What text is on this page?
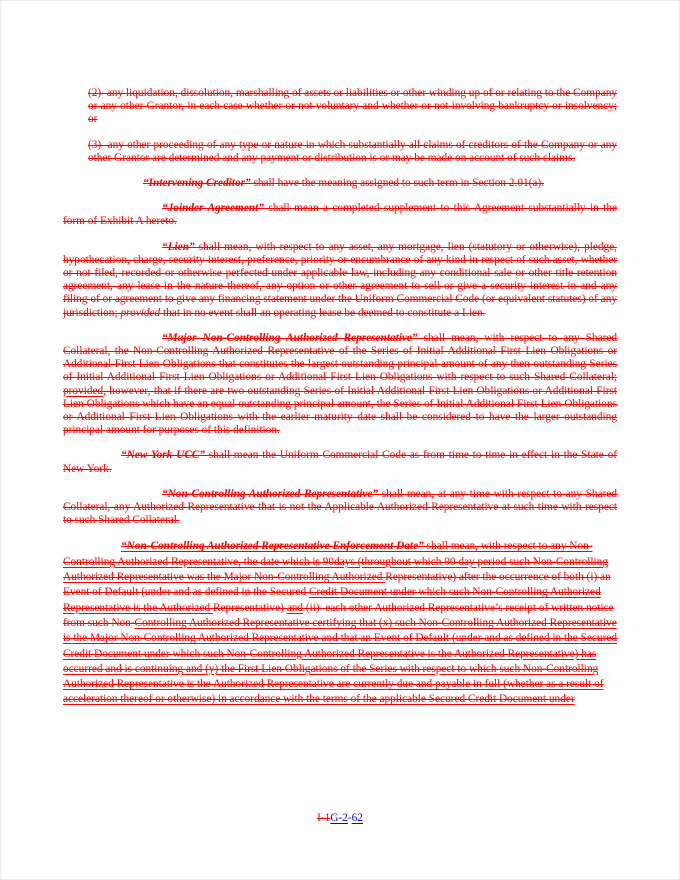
(2)  any liquidation, dissolution, marshalling of assets or liabilities or other winding up of or relating to the Company or any other Grantor, in each case whether or not voluntary and whether or not involving bankruptcy or insolvency; or
(3)  any other proceeding of any type or nature in which substantially all claims of creditors of the Company or any other Grantor are determined and any payment or distribution is or may be made on account of such claims.
“Intervening Creditor” shall have the meaning assigned to such term in Section 2.01(a).
“Joinder Agreement” shall mean a completed supplement to this Agreement substantially in the form of Exhibit A hereto.
“Lien” shall mean, with respect to any asset, any mortgage, lien (statutory or otherwise), pledge, hypothecation, charge, security interest, preference, priority or encumbrance of any kind in respect of such asset, whether or not filed, recorded or otherwise perfected under applicable law, including any conditional sale or other title retention agreement, any lease in the nature thereof, any option or other agreement to sell or give a security interest in and any filing of or agreement to give any financing statement under the Uniform Commercial Code (or equivalent statutes) of any jurisdiction; provided that in no event shall an operating lease be deemed to constitute a Lien.
“Major Non-Controlling Authorized Representative” shall mean, with respect to any Shared Collateral, the Non-Controlling Authorized Representative of the Series of Initial Additional First Lien Obligations or Additional First Lien Obligations that constitutes the largest outstanding principal amount of any then outstanding Series of Initial Additional First Lien Obligations or Additional First Lien Obligations with respect to such Shared Collateral; provided, however, that if there are two outstanding Series of Initial Additional First Lien Obligations or Additional First Lien Obligations which have an equal outstanding principal amount, the Series of Initial Additional First Lien Obligations or Additional First Lien Obligations with the earlier maturity date shall be considered to have the larger outstanding principal amount for purposes of this definition.
“New York UCC” shall mean the Uniform Commercial Code as from time to time in effect in the State of New York.
“Non-Controlling Authorized Representative” shall mean, at any time with respect to any Shared Collateral, any Authorized Representative that is not the Applicable Authorized Representative at such time with respect to such Shared Collateral.
“Non-Controlling Authorized Representative Enforcement Date” shall mean, with respect to any Non-Controlling Authorized Representative, the date which is 90days (throughout which 90 day period such Non-Controlling Authorized Representative was the Major Non-Controlling Authorized Representative) after the occurrence of both (i) an Event of Default (under and as defined in the Secured Credit Document under which such Non-Controlling Authorized Representative is the Authorized Representative) and (ii)  each other Authorized Representative’s receipt of written notice from such Non-Controlling Authorized Representative certifying that (x) such Non-Controlling Authorized Representative is the Major Non-Controlling Authorized Representative and that an Event of Default (under and as defined in the Secured Credit Document under which such Non-Controlling Authorized Representative is the Authorized Representative) has occurred and is continuing and (y) the First Lien Obligations of the Series with respect to which such Non-Controlling Authorized Representative is the Authorized Representative are currently due and payable in full (whether as a result of acceleration thereof or otherwise) in accordance with the terms of the applicable Secured Credit Document under
I-1G-2-62
